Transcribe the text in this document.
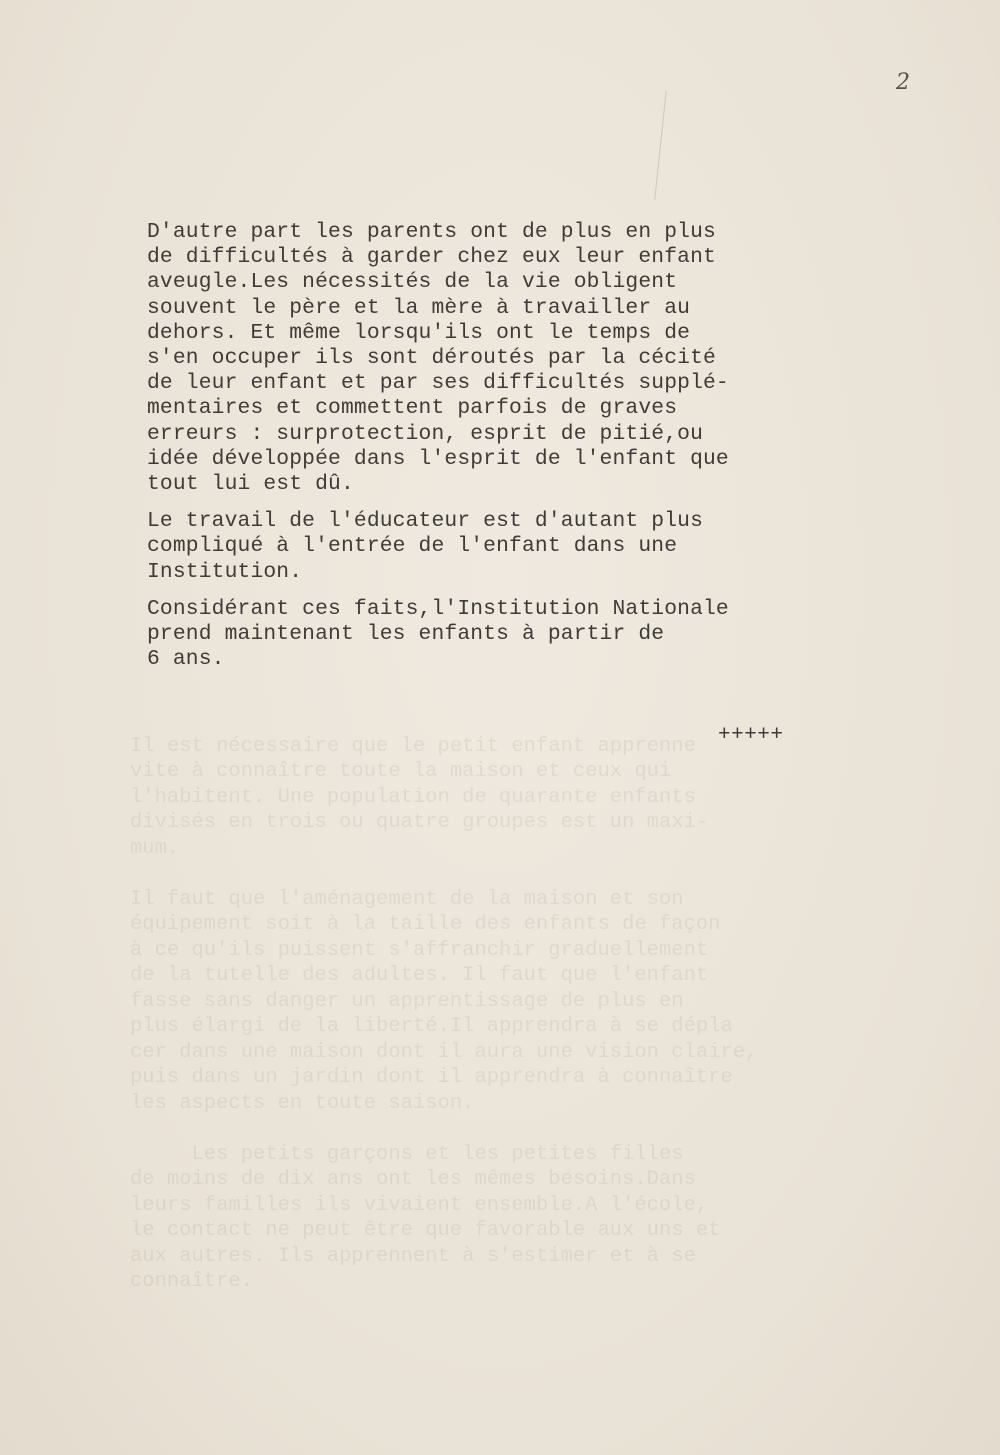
2

Il est nécessaire que le petit enfant apprenne
vite à connaître toute la maison et ceux qui
l'habitent. Une population de quarante enfants
divisés en trois ou quatre groupes est un maxi-
mum.

Il faut que l'aménagement de la maison et son
équipement soit à la taille des enfants de façon
à ce qu'ils puissent s'affranchir graduellement
de la tutelle des adultes. Il faut que l'enfant
fasse sans danger un apprentissage de plus en
plus élargi de la liberté.Il apprendra à se dépla
cer dans une maison dont il aura une vision claire,
puis dans un jardin dont il apprendra à connaître
les aspects en toute saison.

Les petits garçons et les petites filles
de moins de dix ans ont les mêmes besoins.Dans
leurs familles ils vivaient ensemble.A l'école,
le contact ne peut être que favorable aux uns et
aux autres. Ils apprennent à s'estimer et à se
connaître.

D'autre part les parents ont de plus en plus
de difficultés à garder chez eux leur enfant
aveugle.Les nécessités de la vie obligent
souvent le père et la mère à travailler au
dehors. Et même lorsqu'ils ont le temps de
s'en occuper ils sont déroutés par la cécité
de leur enfant et par ses difficultés supplé-
mentaires et commettent parfois de graves
erreurs : surprotection, esprit de pitié,ou
idée développée dans l'esprit de l'enfant que
tout lui est dû.

Le travail de l'éducateur est d'autant plus
compliqué à l'entrée de l'enfant dans une
Institution.

Considérant ces faits,l'Institution Nationale
prend maintenant les enfants à partir de
6 ans.

+++++
